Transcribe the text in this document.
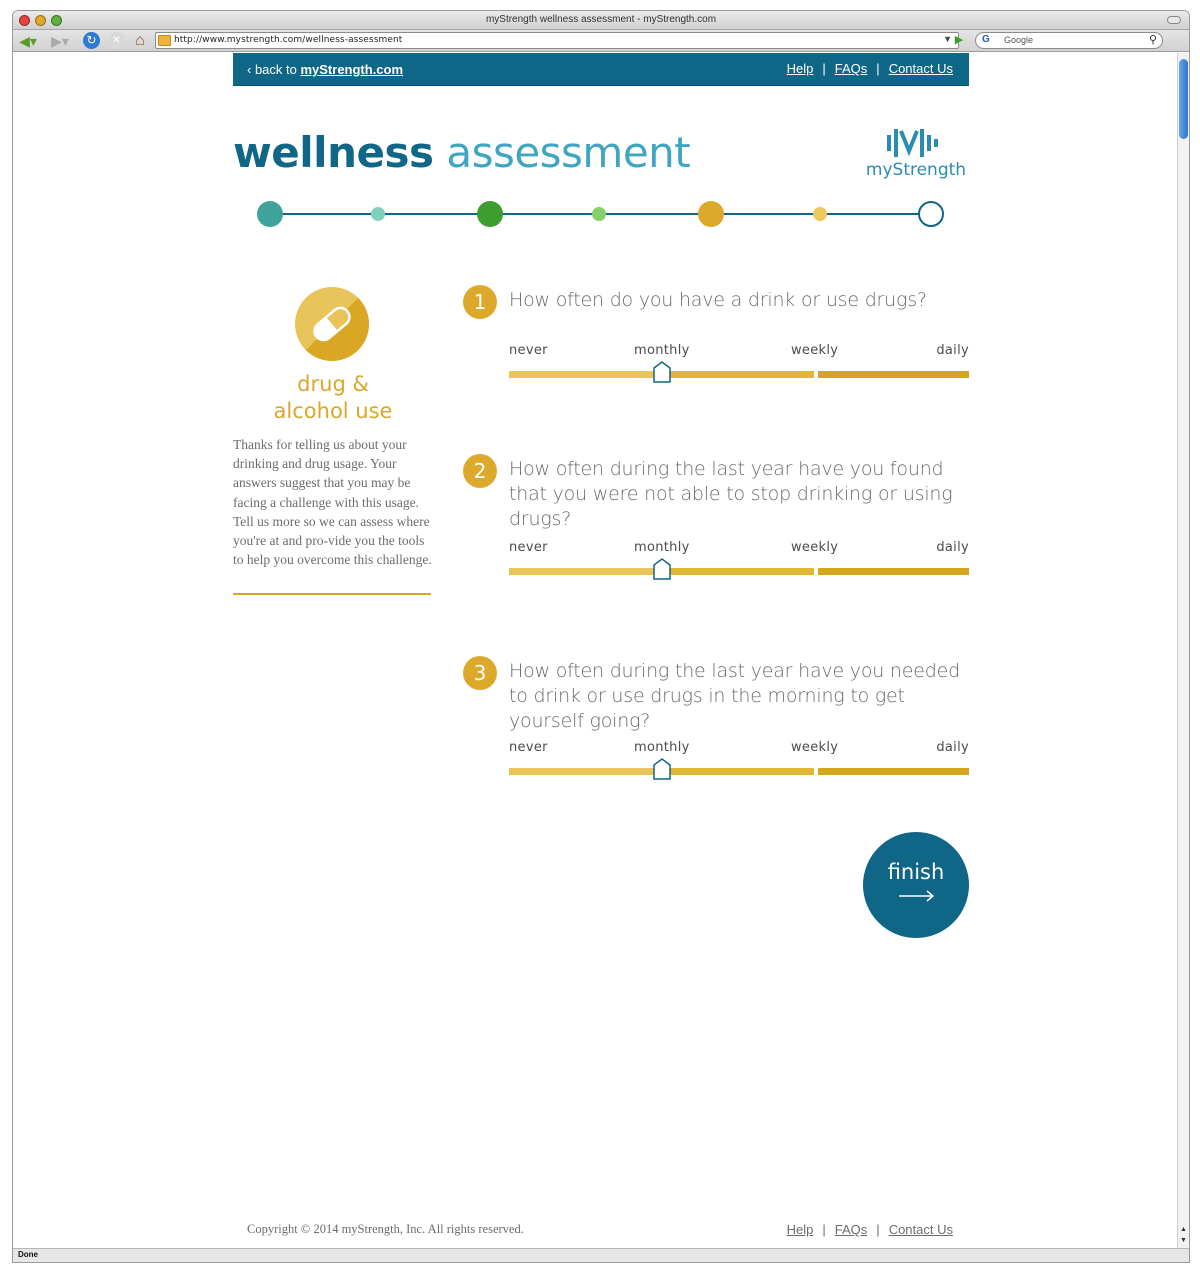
myStrength wellness assessment - myStrength.com
◀▾ ▶▾ ↻	✕ ⌂	http://www.mystrength.com/wellness-assessment	▼ ▶	G Google	⚲
‹ back to myStrength.com	Help | FAQs | Contact Us
wellness assessment	myStrength
drug &
alcohol use
Thanks for telling us about your drinking and drug usage. Your answers suggest that you may be facing a challenge with this usage. Tell us more so we can assess where you're at and pro-vide you the tools to help you overcome this challenge.
1	How often do you have a drink or use drugs?
never	monthly	weekly	daily
2	How often during the last year have you found that you were not able to stop drinking or using drugs?
never	monthly	weekly	daily
3	How often during the last year have you needed to drink or use drugs in the morning to get yourself going?
never	monthly	weekly	daily
finish
Copyright © 2014 myStrength, Inc. All rights reserved.	Help | FAQs | Contact Us	▲
▼
Done
